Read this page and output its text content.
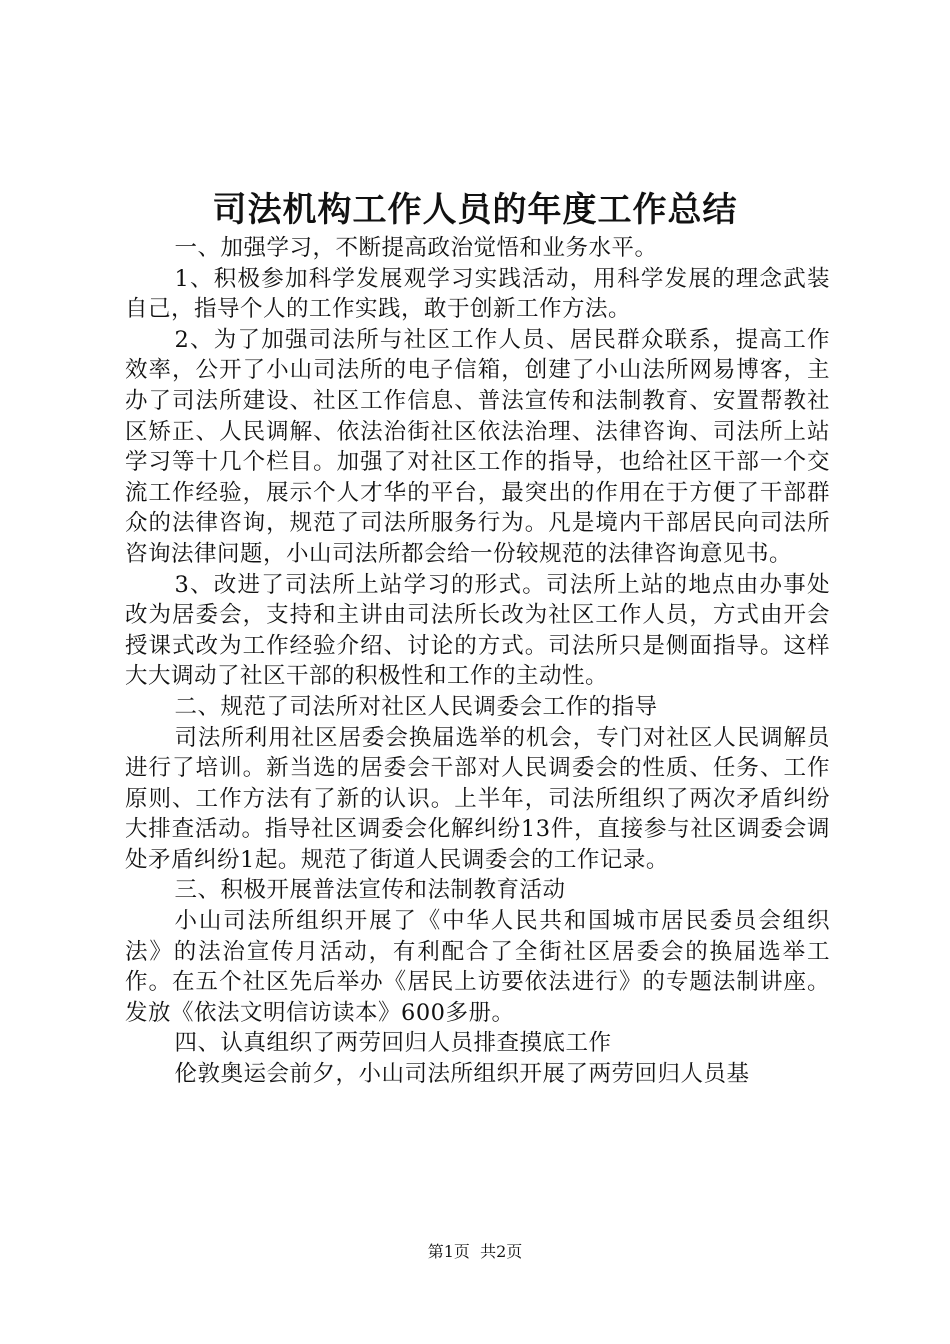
司法机构工作人员的年度工作总结

一、加强学习，不断提高政治觉悟和业务水平。

1、积极参加科学发展观学习实践活动，用科学发展的理念武装自己，指导个人的工作实践，敢于创新工作方法。

2、为了加强司法所与社区工作人员、居民群众联系，提高工作效率，公开了小山司法所的电子信箱，创建了小山法所网易博客，主办了司法所建设、社区工作信息、普法宣传和法制教育、安置帮教社区矫正、人民调解、依法治街社区依法治理、法律咨询、司法所上站学习等十几个栏目。加强了对社区工作的指导，也给社区干部一个交流工作经验，展示个人才华的平台，最突出的作用在于方便了干部群众的法律咨询，规范了司法所服务行为。凡是境内干部居民向司法所咨询法律问题，小山司法所都会给一份较规范的法律咨询意见书。

3、改进了司法所上站学习的形式。司法所上站的地点由办事处改为居委会，支持和主讲由司法所长改为社区工作人员，方式由开会授课式改为工作经验介绍、讨论的方式。司法所只是侧面指导。这样大大调动了社区干部的积极性和工作的主动性。

二、规范了司法所对社区人民调委会工作的指导

司法所利用社区居委会换届选举的机会，专门对社区人民调解员进行了培训。新当选的居委会干部对人民调委会的性质、任务、工作原则、工作方法有了新的认识。上半年，司法所组织了两次矛盾纠纷大排查活动。指导社区调委会化解纠纷13件，直接参与社区调委会调处矛盾纠纷1起。规范了街道人民调委会的工作记录。

三、积极开展普法宣传和法制教育活动

小山司法所组织开展了《中华人民共和国城市居民委员会组织法》的法治宣传月活动，有利配合了全街社区居委会的换届选举工作。在五个社区先后举办《居民上访要依法进行》的专题法制讲座。发放《依法文明信访读本》600多册。

四、认真组织了两劳回归人员排查摸底工作

伦敦奥运会前夕，小山司法所组织开展了两劳回归人员基

第1页 共2页
